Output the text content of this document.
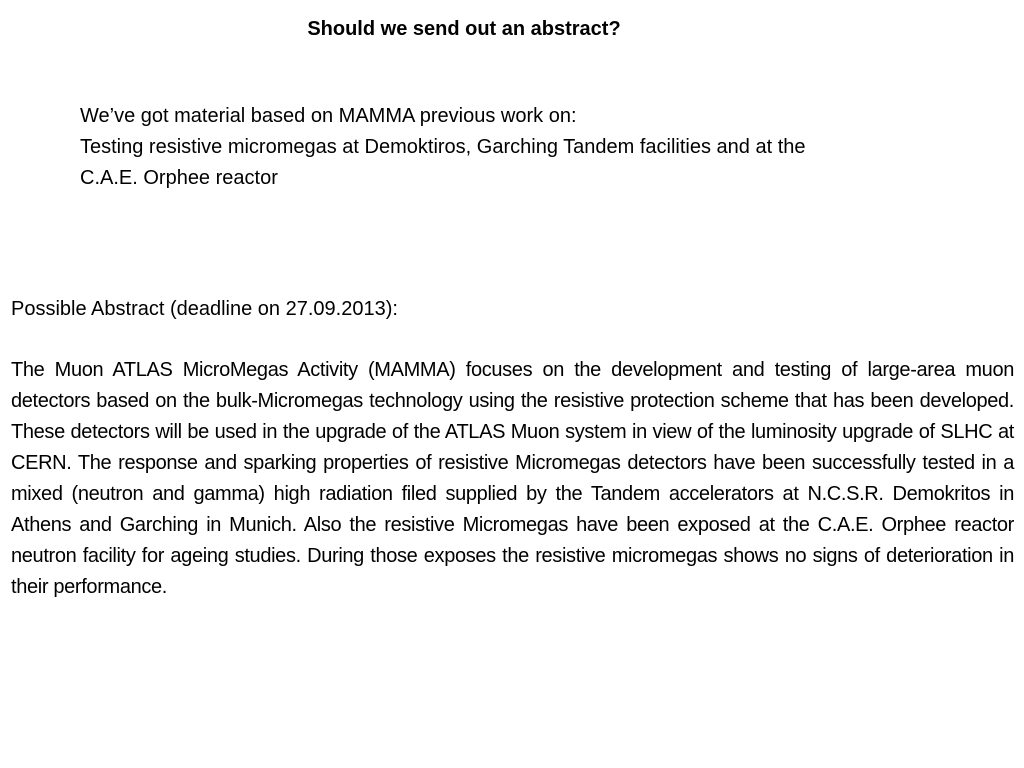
Should we send out an abstract?
We’ve got material based on MAMMA previous work on:
Testing resistive micromegas at Demoktiros, Garching Tandem facilities and at the
C.A.E. Orphee reactor
Possible Abstract (deadline on 27.09.2013):
The Muon ATLAS MicroMegas Activity (MAMMA) focuses on the development and testing of large-area muon detectors based on the bulk-Micromegas technology using the resistive protection scheme that has been developed. These detectors will be used in the upgrade of the ATLAS Muon system in view of the luminosity upgrade of SLHC at CERN. The response and sparking properties of resistive Micromegas detectors have been successfully tested in a mixed (neutron and gamma) high radiation filed supplied by the Tandem accelerators at N.C.S.R. Demokritos in Athens and Garching in Munich. Also the resistive Micromegas have been exposed at the C.A.E. Orphee reactor neutron facility for ageing studies. During those exposes the resistive micromegas shows no signs of deterioration in their performance.
